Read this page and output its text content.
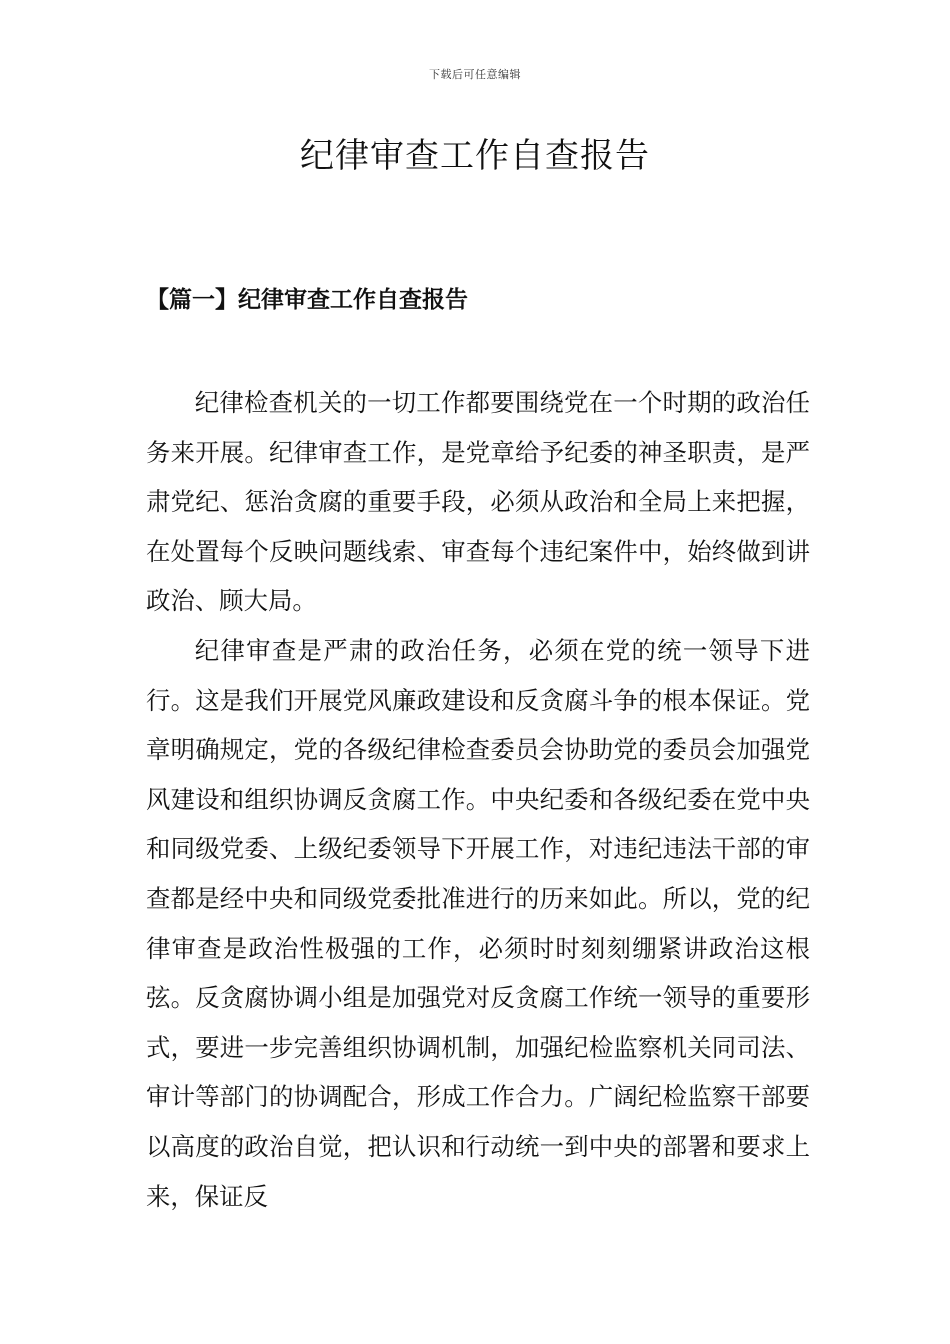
下载后可任意编辑
纪律审查工作自查报告
【篇一】纪律审查工作自查报告

纪律检查机关的一切工作都要围绕党在一个时期的政治任务来开展。纪律审查工作，是党章给予纪委的神圣职责，是严肃党纪、惩治贪腐的重要手段，必须从政治和全局上来把握，在处置每个反映问题线索、审查每个违纪案件中，始终做到讲政治、顾大局。

纪律审查是严肃的政治任务，必须在党的统一领导下进行。这是我们开展党风廉政建设和反贪腐斗争的根本保证。党章明确规定，党的各级纪律检查委员会协助党的委员会加强党风建设和组织协调反贪腐工作。中央纪委和各级纪委在党中央和同级党委、上级纪委领导下开展工作，对违纪违法干部的审查都是经中央和同级党委批准进行的历来如此。所以，党的纪律审查是政治性极强的工作，必须时时刻刻绷紧讲政治这根弦。反贪腐协调小组是加强党对反贪腐工作统一领导的重要形式，要进一步完善组织协调机制，加强纪检监察机关同司法、审计等部门的协调配合，形成工作合力。广阔纪检监察干部要以高度的政治自觉，把认识和行动统一到中央的部署和要求上来，保证反
